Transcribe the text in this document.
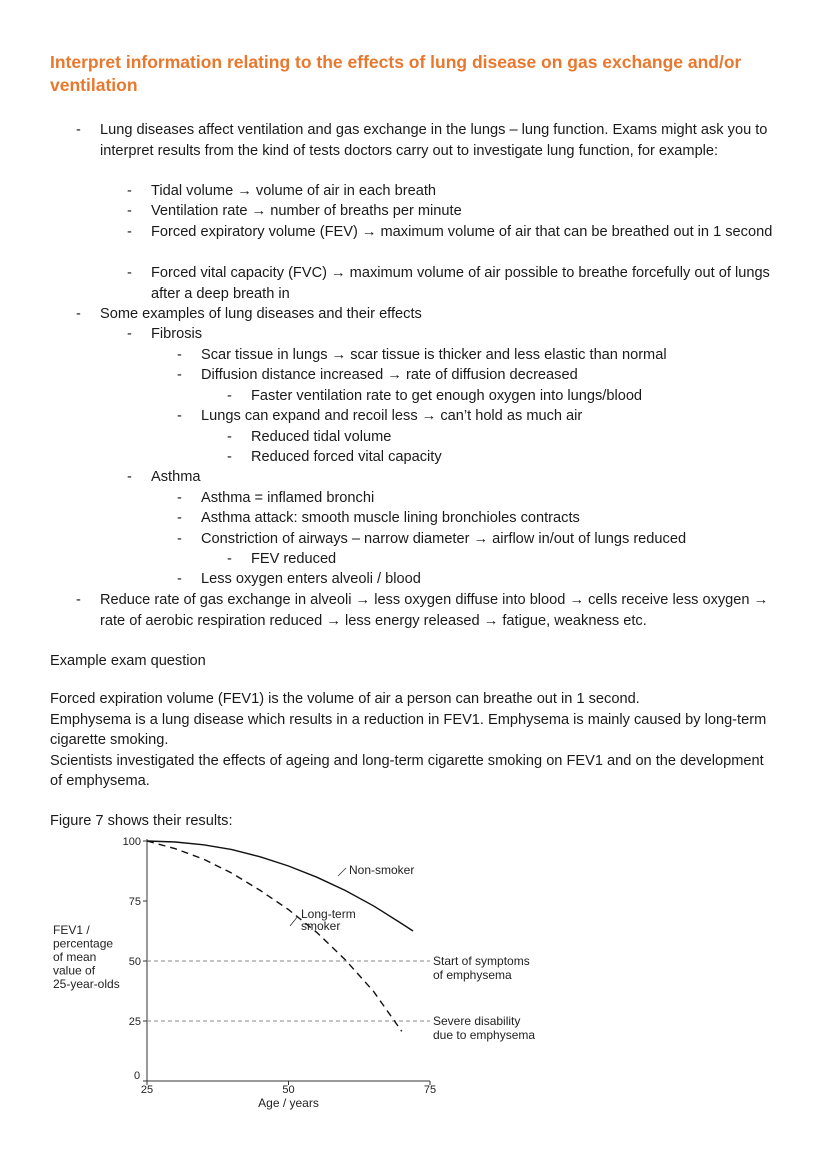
Interpret information relating to the effects of lung disease on gas exchange and/or ventilation
- Lung diseases affect ventilation and gas exchange in the lungs – lung function. Exams might ask you to interpret results from the kind of tests doctors carry out to investigate lung function, for example:
- Tidal volume → volume of air in each breath
- Ventilation rate → number of breaths per minute
- Forced expiratory volume (FEV) → maximum volume of air that can be breathed out in 1 second
- Forced vital capacity (FVC) → maximum volume of air possible to breathe forcefully out of lungs after a deep breath in
- Some examples of lung diseases and their effects
- Fibrosis
- Scar tissue in lungs → scar tissue is thicker and less elastic than normal
- Diffusion distance increased → rate of diffusion decreased
- Faster ventilation rate to get enough oxygen into lungs/blood
- Lungs can expand and recoil less → can’t hold as much air
- Reduced tidal volume
- Reduced forced vital capacity
- Asthma
- Asthma = inflamed bronchi
- Asthma attack: smooth muscle lining bronchioles contracts
- Constriction of airways – narrow diameter → airflow in/out of lungs reduced
- FEV reduced
- Less oxygen enters alveoli / blood
- Reduce rate of gas exchange in alveoli → less oxygen diffuse into blood → cells receive less oxygen → rate of aerobic respiration reduced → less energy released → fatigue, weakness etc.
Example exam question
Forced expiration volume (FEV1) is the volume of air a person can breathe out in 1 second.
Emphysema is a lung disease which results in a reduction in FEV1. Emphysema is mainly caused by long-term cigarette smoking.
Scientists investigated the effects of ageing and long-term cigarette smoking on FEV1 and on the development of emphysema.
Figure 7 shows their results:
0
25
50
75
100
25	50	75
Age / years
FEV1 /
percentage
of mean
value of
25-year-olds
Start of symptoms
of emphysema
Severe disability
due to emphysema
Non-smoker
Long-term
smoker
